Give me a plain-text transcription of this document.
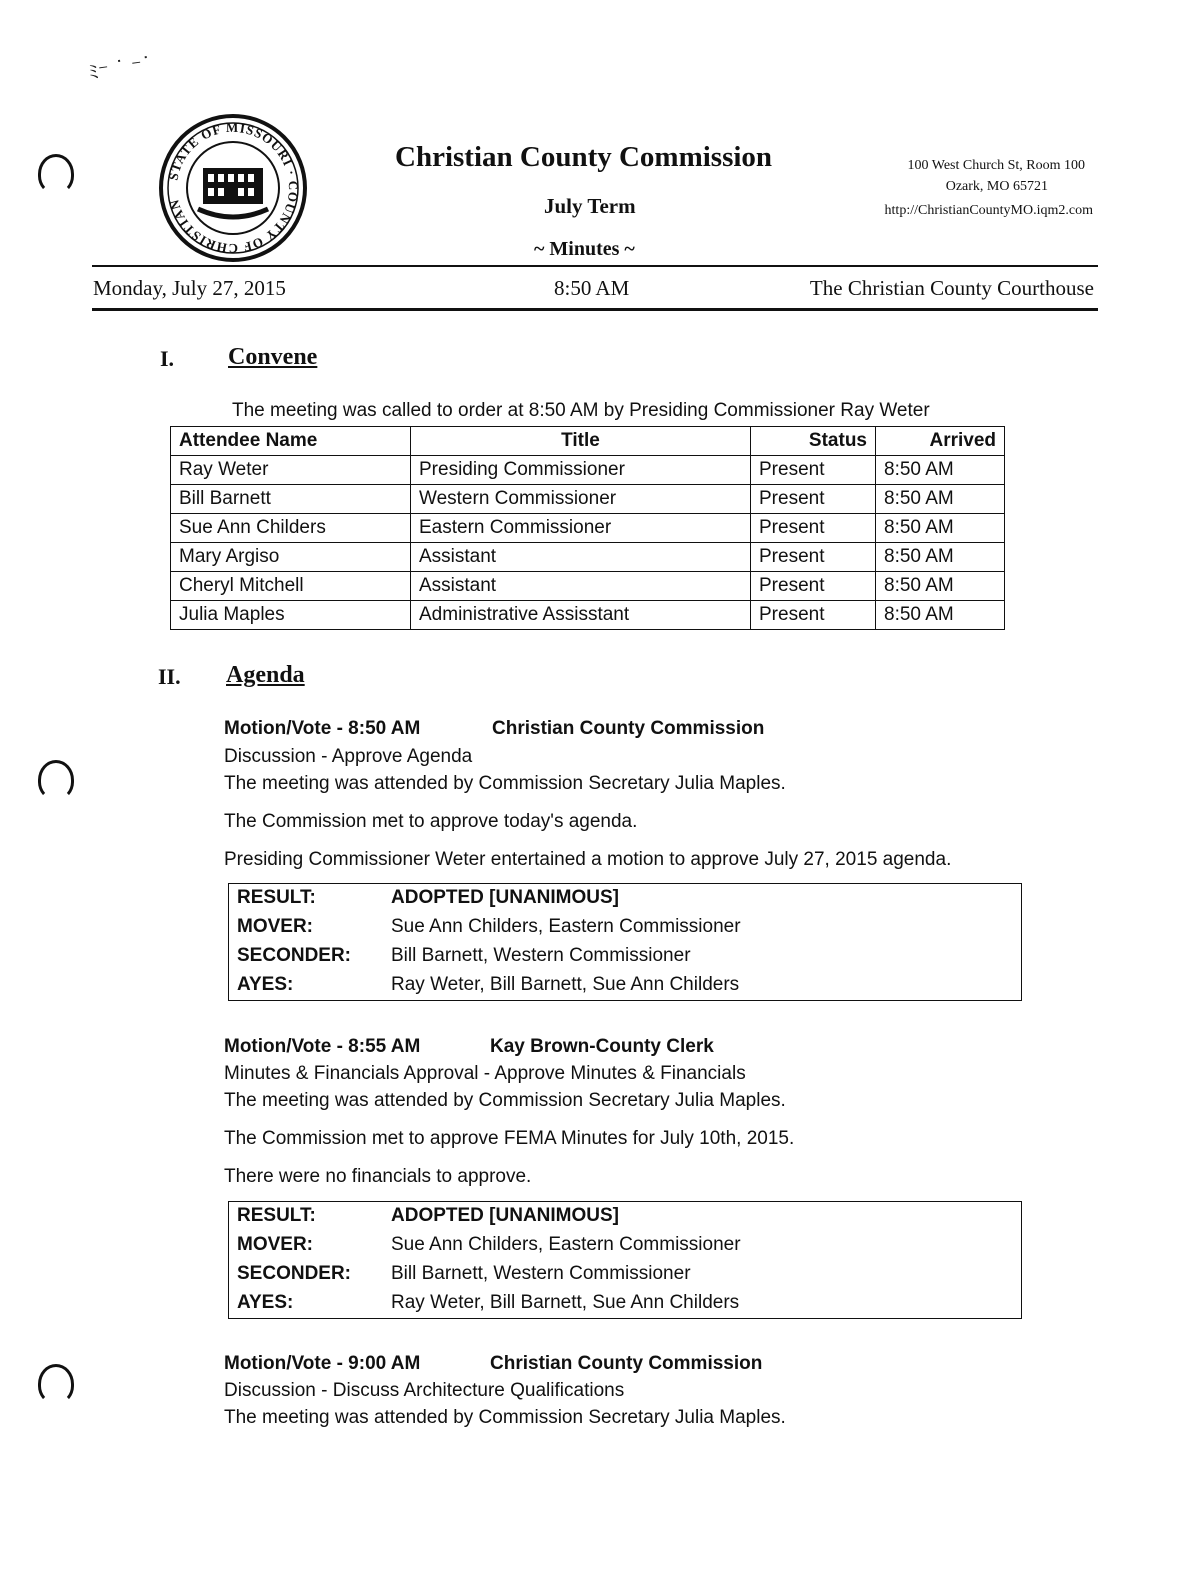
ﾐ⁻ ˙ ⁻˙
STATE OF MISSOURI · COUNTY OF CHRISTIAN
Christian County Commission
July Term
~ Minutes ~
100 West Church St, Room 100
Ozark, MO 65721
http://ChristianCountyMO.iqm2.com
Monday, July 27, 2015	8:50 AM	The Christian County Courthouse
I. Convene
The meeting was called to order at 8:50 AM by Presiding Commissioner Ray Weter
Attendee Name	Title	Status	Arrived
Ray Weter	Presiding Commissioner	Present	8:50 AM
Bill Barnett	Western Commissioner	Present	8:50 AM
Sue Ann Childers	Eastern Commissioner	Present	8:50 AM
Mary Argiso	Assistant	Present	8:50 AM
Cheryl Mitchell	Assistant	Present	8:50 AM
Julia Maples	Administrative Assisstant	Present	8:50 AM
II. Agenda
Motion/Vote - 8:50 AM	Christian County Commission
Discussion - Approve Agenda
The meeting was attended by Commission Secretary Julia Maples.
The Commission met to approve today's agenda.
Presiding Commissioner Weter entertained a motion to approve July 27, 2015 agenda.
RESULT:	ADOPTED [UNANIMOUS]
MOVER:	Sue Ann Childers, Eastern Commissioner
SECONDER: Bill Barnett, Western Commissioner
AYES:	Ray Weter, Bill Barnett, Sue Ann Childers
Motion/Vote - 8:55 AM	Kay Brown-County Clerk
Minutes & Financials Approval - Approve Minutes & Financials
The meeting was attended by Commission Secretary Julia Maples.
The Commission met to approve FEMA Minutes for July 10th, 2015.
There were no financials to approve.
RESULT:	ADOPTED [UNANIMOUS]
MOVER:	Sue Ann Childers, Eastern Commissioner
SECONDER: Bill Barnett, Western Commissioner
AYES:	Ray Weter, Bill Barnett, Sue Ann Childers
Motion/Vote - 9:00 AM	Christian County Commission
Discussion - Discuss Architecture Qualifications
The meeting was attended by Commission Secretary Julia Maples.
